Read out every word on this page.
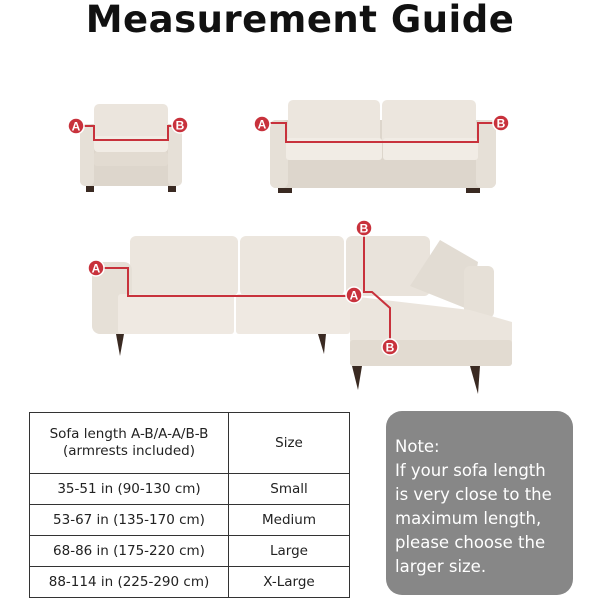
Measurement Guide
A	B	A	B
B
A
A
B
Sofa length A-B/A-A/B-B
(armrests included)	Size
35-51 in (90-130 cm)	Small
53-67 in (135-170 cm)	Medium
68-86 in (175-220 cm)	Large
88-114 in (225-290 cm)	X-Large
Note:
If your sofa length
is very close to the
maximum length,
please choose the
larger size.
